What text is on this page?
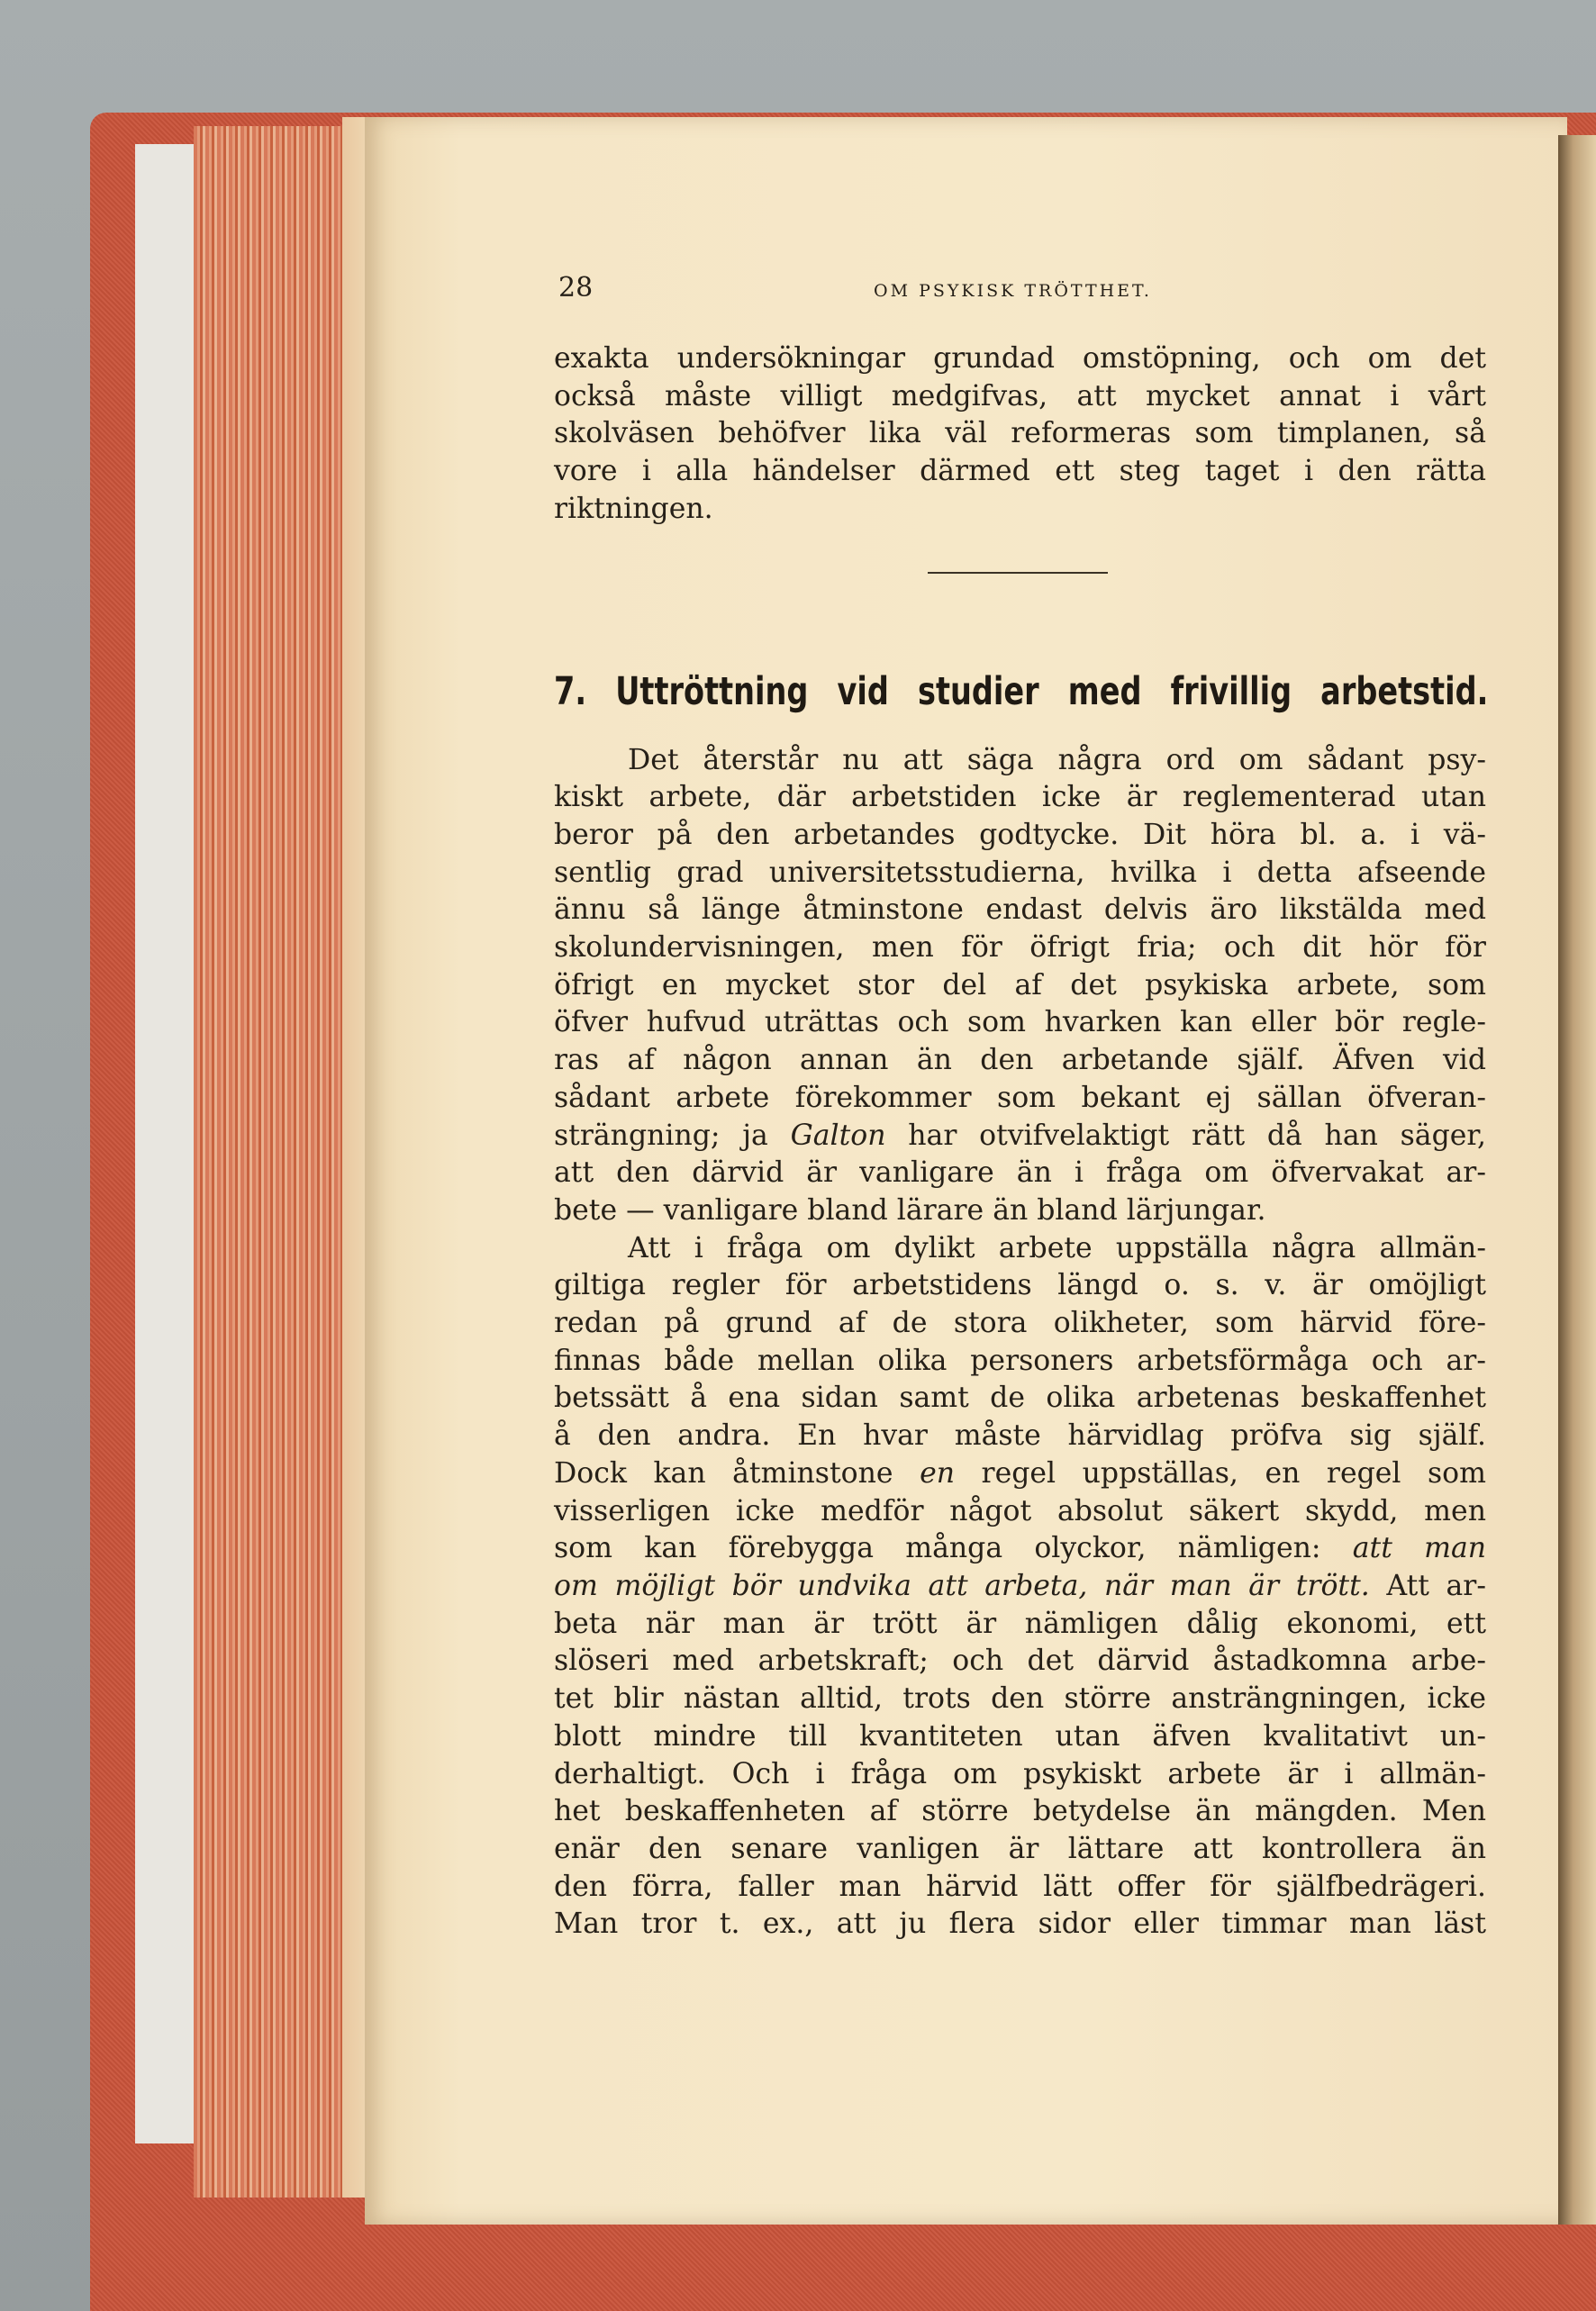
28	OM PSYKISK TRÖTTHET.
exakta undersökningar grundad omstöpning, och om det
också måste villigt medgifvas, att mycket annat i vårt
skolväsen behöfver lika väl reformeras som timplanen, så
vore i alla händelser därmed ett steg taget i den rätta
riktningen.
7. Uttröttning vid studier med frivillig arbetstid.
Det återstår nu att säga några ord om sådant psy-
kiskt arbete, där arbetstiden icke är reglementerad utan
beror på den arbetandes godtycke. Dit höra bl. a. i vä-
sentlig grad universitetsstudierna, hvilka i detta afseende
ännu så länge åtminstone endast delvis äro likstälda med
skolundervisningen, men för öfrigt fria; och dit hör för
öfrigt en mycket stor del af det psykiska arbete, som
öfver hufvud uträttas och som hvarken kan eller bör regle-
ras af någon annan än den arbetande själf. Äfven vid
sådant arbete förekommer som bekant ej sällan öfveran-
strängning; ja Galton har otvifvelaktigt rätt då han säger,
att den därvid är vanligare än i fråga om öfvervakat ar-
bete — vanligare bland lärare än bland lärjungar.
Att i fråga om dylikt arbete uppställa några allmän-
giltiga regler för arbetstidens längd o. s. v. är omöjligt
redan på grund af de stora olikheter, som härvid före-
finnas både mellan olika personers arbetsförmåga och ar-
betssätt å ena sidan samt de olika arbetenas beskaffenhet
å den andra. En hvar måste härvidlag pröfva sig själf.
Dock kan åtminstone en regel uppställas, en regel som
visserligen icke medför något absolut säkert skydd, men
som kan förebygga många olyckor, nämligen: att man
om möjligt bör undvika att arbeta, när man är trött. Att ar-
beta när man är trött är nämligen dålig ekonomi, ett
slöseri med arbetskraft; och det därvid åstadkomna arbe-
tet blir nästan alltid, trots den större ansträngningen, icke
blott mindre till kvantiteten utan äfven kvalitativt un-
derhaltigt. Och i fråga om psykiskt arbete är i allmän-
het beskaffenheten af större betydelse än mängden. Men
enär den senare vanligen är lättare att kontrollera än
den förra, faller man härvid lätt offer för själfbedrägeri.
Man tror t. ex., att ju flera sidor eller timmar man läst
